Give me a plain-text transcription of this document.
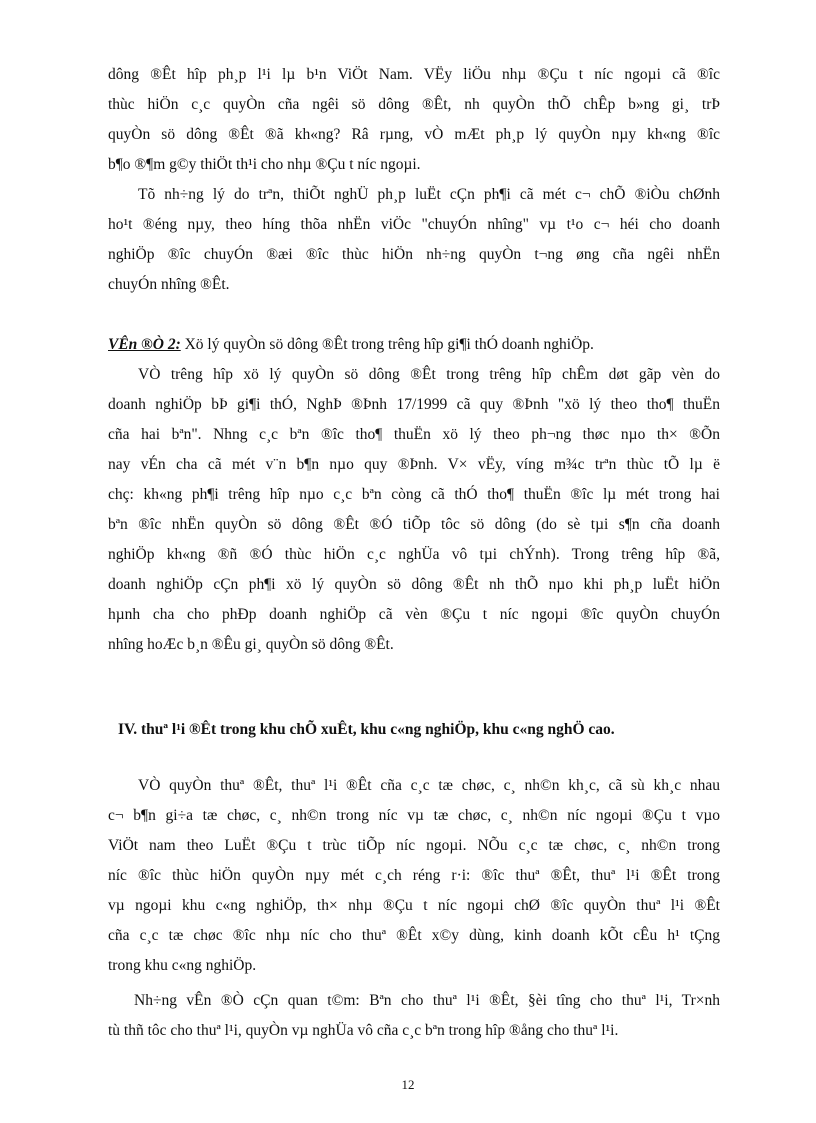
dông ®Êt hîp ph¸p l¹i lµ b¹n ViÖt Nam. VËy liÖu nhµ ®Çu t níc ngoµi cã ®îc
thùc hiÖn c¸c quyÒn cña ngêi sö dông ®Êt, nh quyÒn thÕ chÊp b»ng gi¸ trÞ
quyÒn sö dông ®Êt ®ã kh«ng? Râ rµng, vÒ mÆt ph¸p lý quyÒn nµy kh«ng ®îc
b¶o ®¶m g©y thiÖt th¹i cho nhµ ®Çu t níc ngoµi.
Tõ nh÷ng lý do trªn, thiÕt nghÜ ph¸p luËt cÇn ph¶i cã mét c¬ chÕ ®iÒu chØnh
ho¹t ®éng nµy, theo híng thõa nhËn viÖc "chuyÓn nhîng" vµ t¹o c¬ héi cho doanh
nghiÖp ®îc chuyÓn ®æi ®îc thùc hiÖn nh÷ng quyÒn t¬ng øng cña ngêi nhËn
chuyÓn nhîng ®Êt.
VÊn ®Ò 2: Xö lý quyÒn sö dông ®Êt trong trêng hîp gi¶i thÓ doanh nghiÖp.
VÒ trêng hîp xö lý quyÒn sö dông ®Êt trong trêng hîp chÊm døt gãp vèn do
doanh nghiÖp bÞ gi¶i thÓ, NghÞ ®Þnh 17/1999 cã quy ®Þnh "xö lý theo tho¶ thuËn
cña hai bªn". Nhng c¸c bªn ®îc tho¶ thuËn xö lý theo ph¬ng thøc nµo th× ®Õn
nay vÉn cha cã mét v¨n b¶n nµo quy ®Þnh. V× vËy, víng m¾c trªn thùc tÕ lµ ë
chç: kh«ng ph¶i trêng hîp nµo c¸c bªn còng cã thÓ tho¶ thuËn ®îc lµ mét trong hai
bªn ®îc nhËn quyÒn sö dông ®Êt ®Ó tiÕp tôc sö dông (do sè tµi s¶n cña doanh
nghiÖp kh«ng ®ñ ®Ó thùc hiÖn c¸c nghÜa vô tµi chÝnh). Trong trêng hîp ®ã,
doanh nghiÖp cÇn ph¶i xö lý quyÒn sö dông ®Êt nh thÕ nµo khi ph¸p luËt hiÖn
hµnh cha cho phÐp doanh nghiÖp cã vèn ®Çu t níc ngoµi ®îc quyÒn chuyÓn
nhîng hoÆc b¸n ®Êu gi¸ quyÒn sö dông ®Êt.
IV. thuª l¹i ®Êt trong khu chÕ xuÊt, khu c«ng nghiÖp, khu c«ng nghÖ cao.
VÒ quyÒn thuª ®Êt, thuª l¹i ®Êt cña c¸c tæ chøc, c¸ nh©n kh¸c, cã sù kh¸c nhau
c¬ b¶n gi÷a tæ chøc, c¸ nh©n trong níc vµ tæ chøc, c¸ nh©n níc ngoµi ®Çu t vµo
ViÖt nam theo LuËt ®Çu t trùc tiÕp níc ngoµi. NÕu c¸c tæ chøc, c¸ nh©n trong
níc ®îc thùc hiÖn quyÒn nµy mét c¸ch réng r·i: ®îc thuª ®Êt, thuª l¹i ®Êt trong
vµ ngoµi khu c«ng nghiÖp, th× nhµ ®Çu t níc ngoµi chØ ®îc quyÒn thuª l¹i ®Êt
cña c¸c tæ chøc ®îc nhµ níc cho thuª ®Êt x©y dùng, kinh doanh kÕt cÊu h¹ tÇng
trong khu c«ng nghiÖp.
Nh÷ng vÊn ®Ò cÇn quan t©m: Bªn cho thuª l¹i ®Êt, §èi tîng cho thuª l¹i, Tr×nh
tù thñ tôc cho thuª l¹i, quyÒn vµ nghÜa vô cña c¸c bªn trong hîp ®ång cho thuª l¹i.
12
